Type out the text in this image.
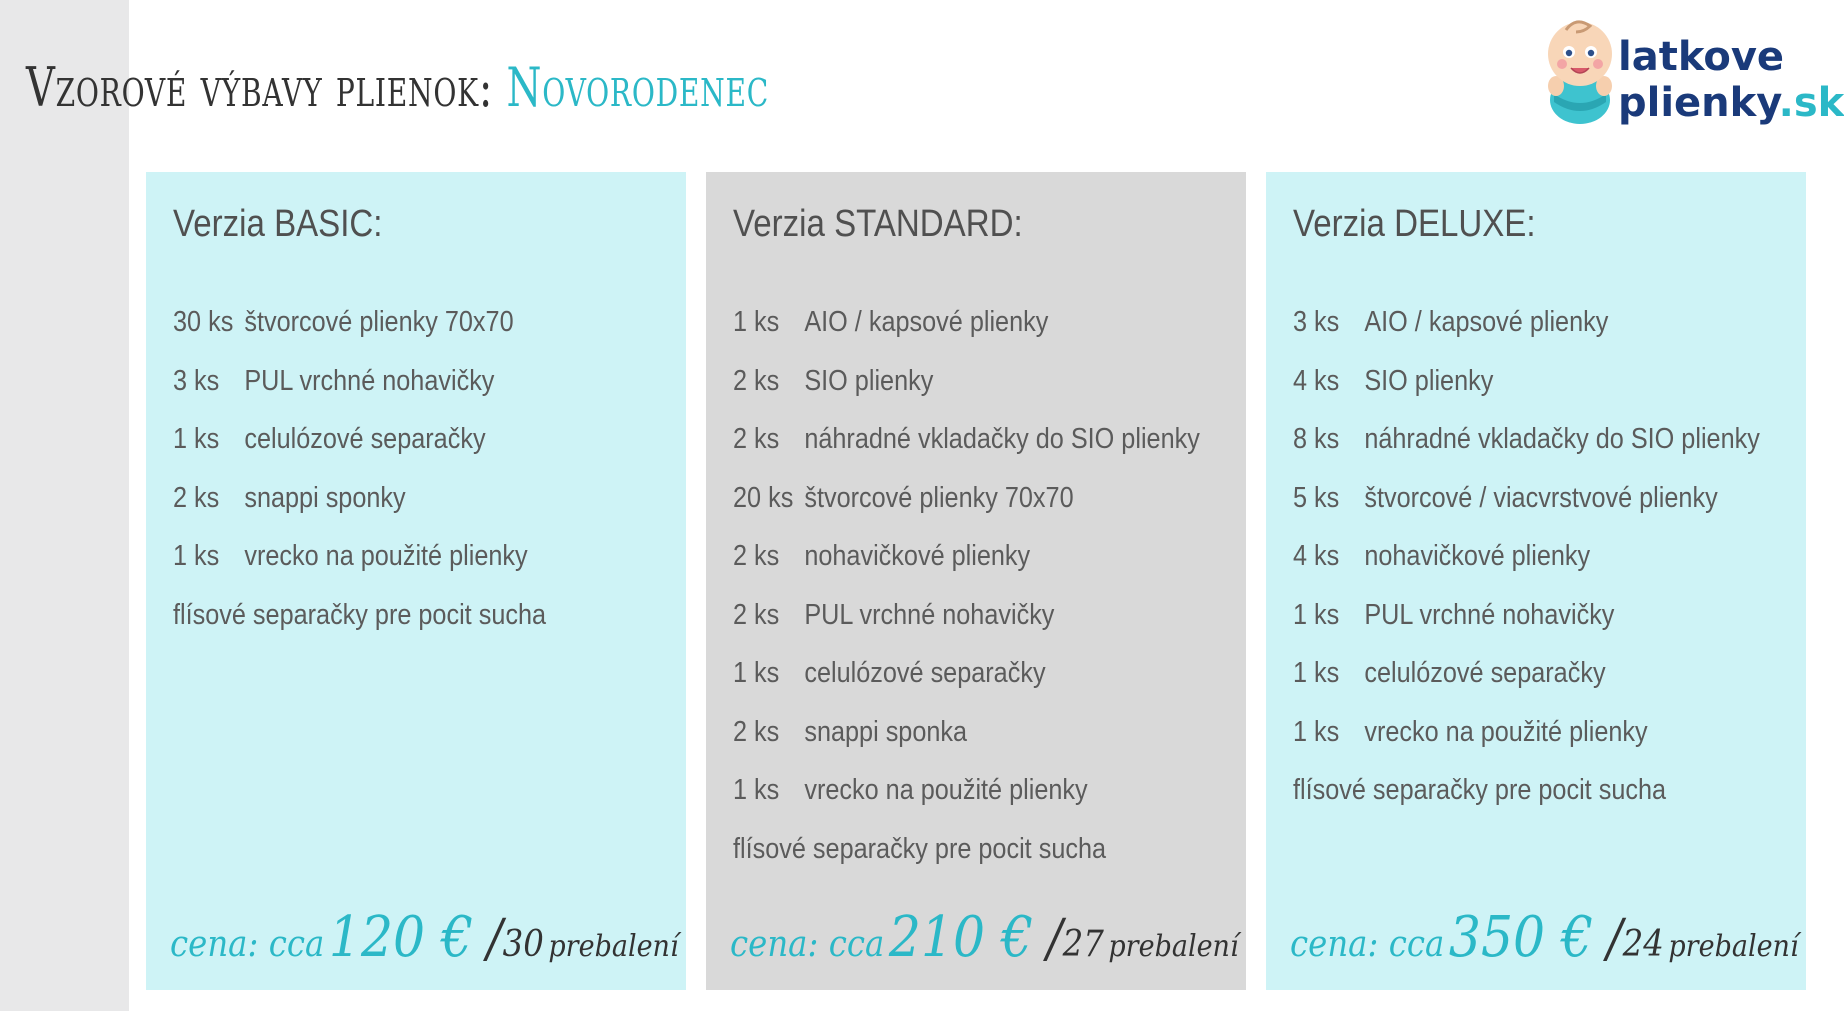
Vzorové výbavy plienok: Novorodenec	latkove
plienky.sk
Verzia BASIC:
30 ks štvorcové plienky 70x70
3 ks PUL vrchné nohavičky
1 ks celulózové separačky
2 ks snappi sponky
1 ks vrecko na použité plienky
flísové separačky pre pocit sucha
cena: cca 120 € /30 prebalení
Verzia STANDARD:
1 ks AIO / kapsové plienky
2 ks SIO plienky
2 ks náhradné vkladačky do SIO plienky
20 ks štvorcové plienky 70x70
2 ks nohavičkové plienky
2 ks PUL vrchné nohavičky
1 ks celulózové separačky
2 ks snappi sponka
1 ks vrecko na použité plienky
flísové separačky pre pocit sucha
cena: cca 210 € /27 prebalení
Verzia DELUXE:
3 ks AIO / kapsové plienky
4 ks SIO plienky
8 ks náhradné vkladačky do SIO plienky
5 ks štvorcové / viacvrstvové plienky
4 ks nohavičkové plienky
1 ks PUL vrchné nohavičky
1 ks celulózové separačky
1 ks vrecko na použité plienky
flísové separačky pre pocit sucha
cena: cca 350 € /24 prebalení
